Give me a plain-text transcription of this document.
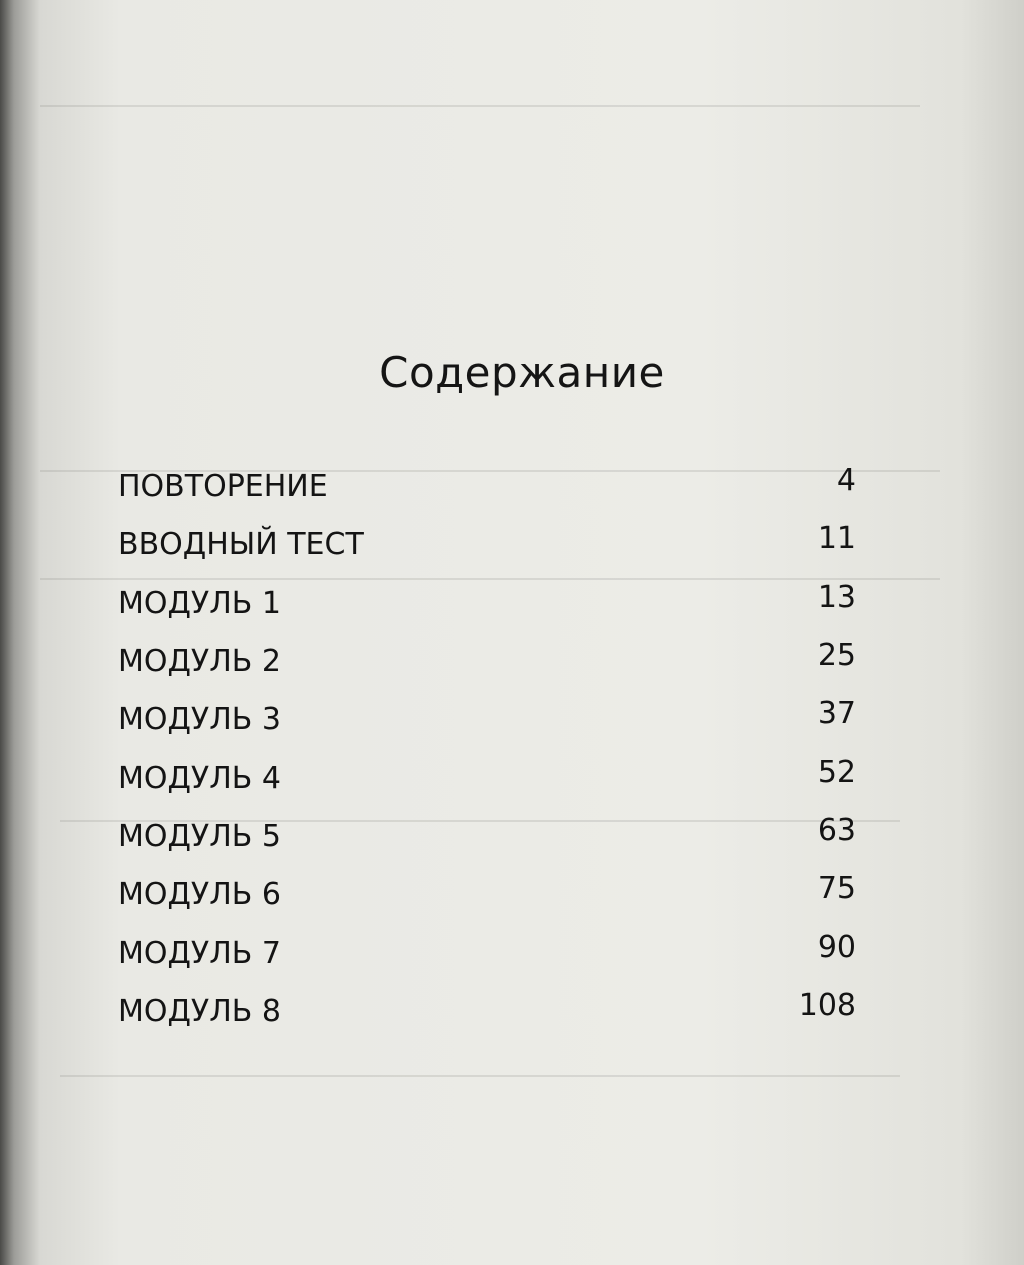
Содержание
ПОВТОРЕНИЕ	4
ВВОДНЫЙ ТЕСТ	11
МОДУЛЬ 1	13
МОДУЛЬ 2	25
МОДУЛЬ 3	37
МОДУЛЬ 4	52
МОДУЛЬ 5	63
МОДУЛЬ 6	75
МОДУЛЬ 7	90
МОДУЛЬ 8	108
